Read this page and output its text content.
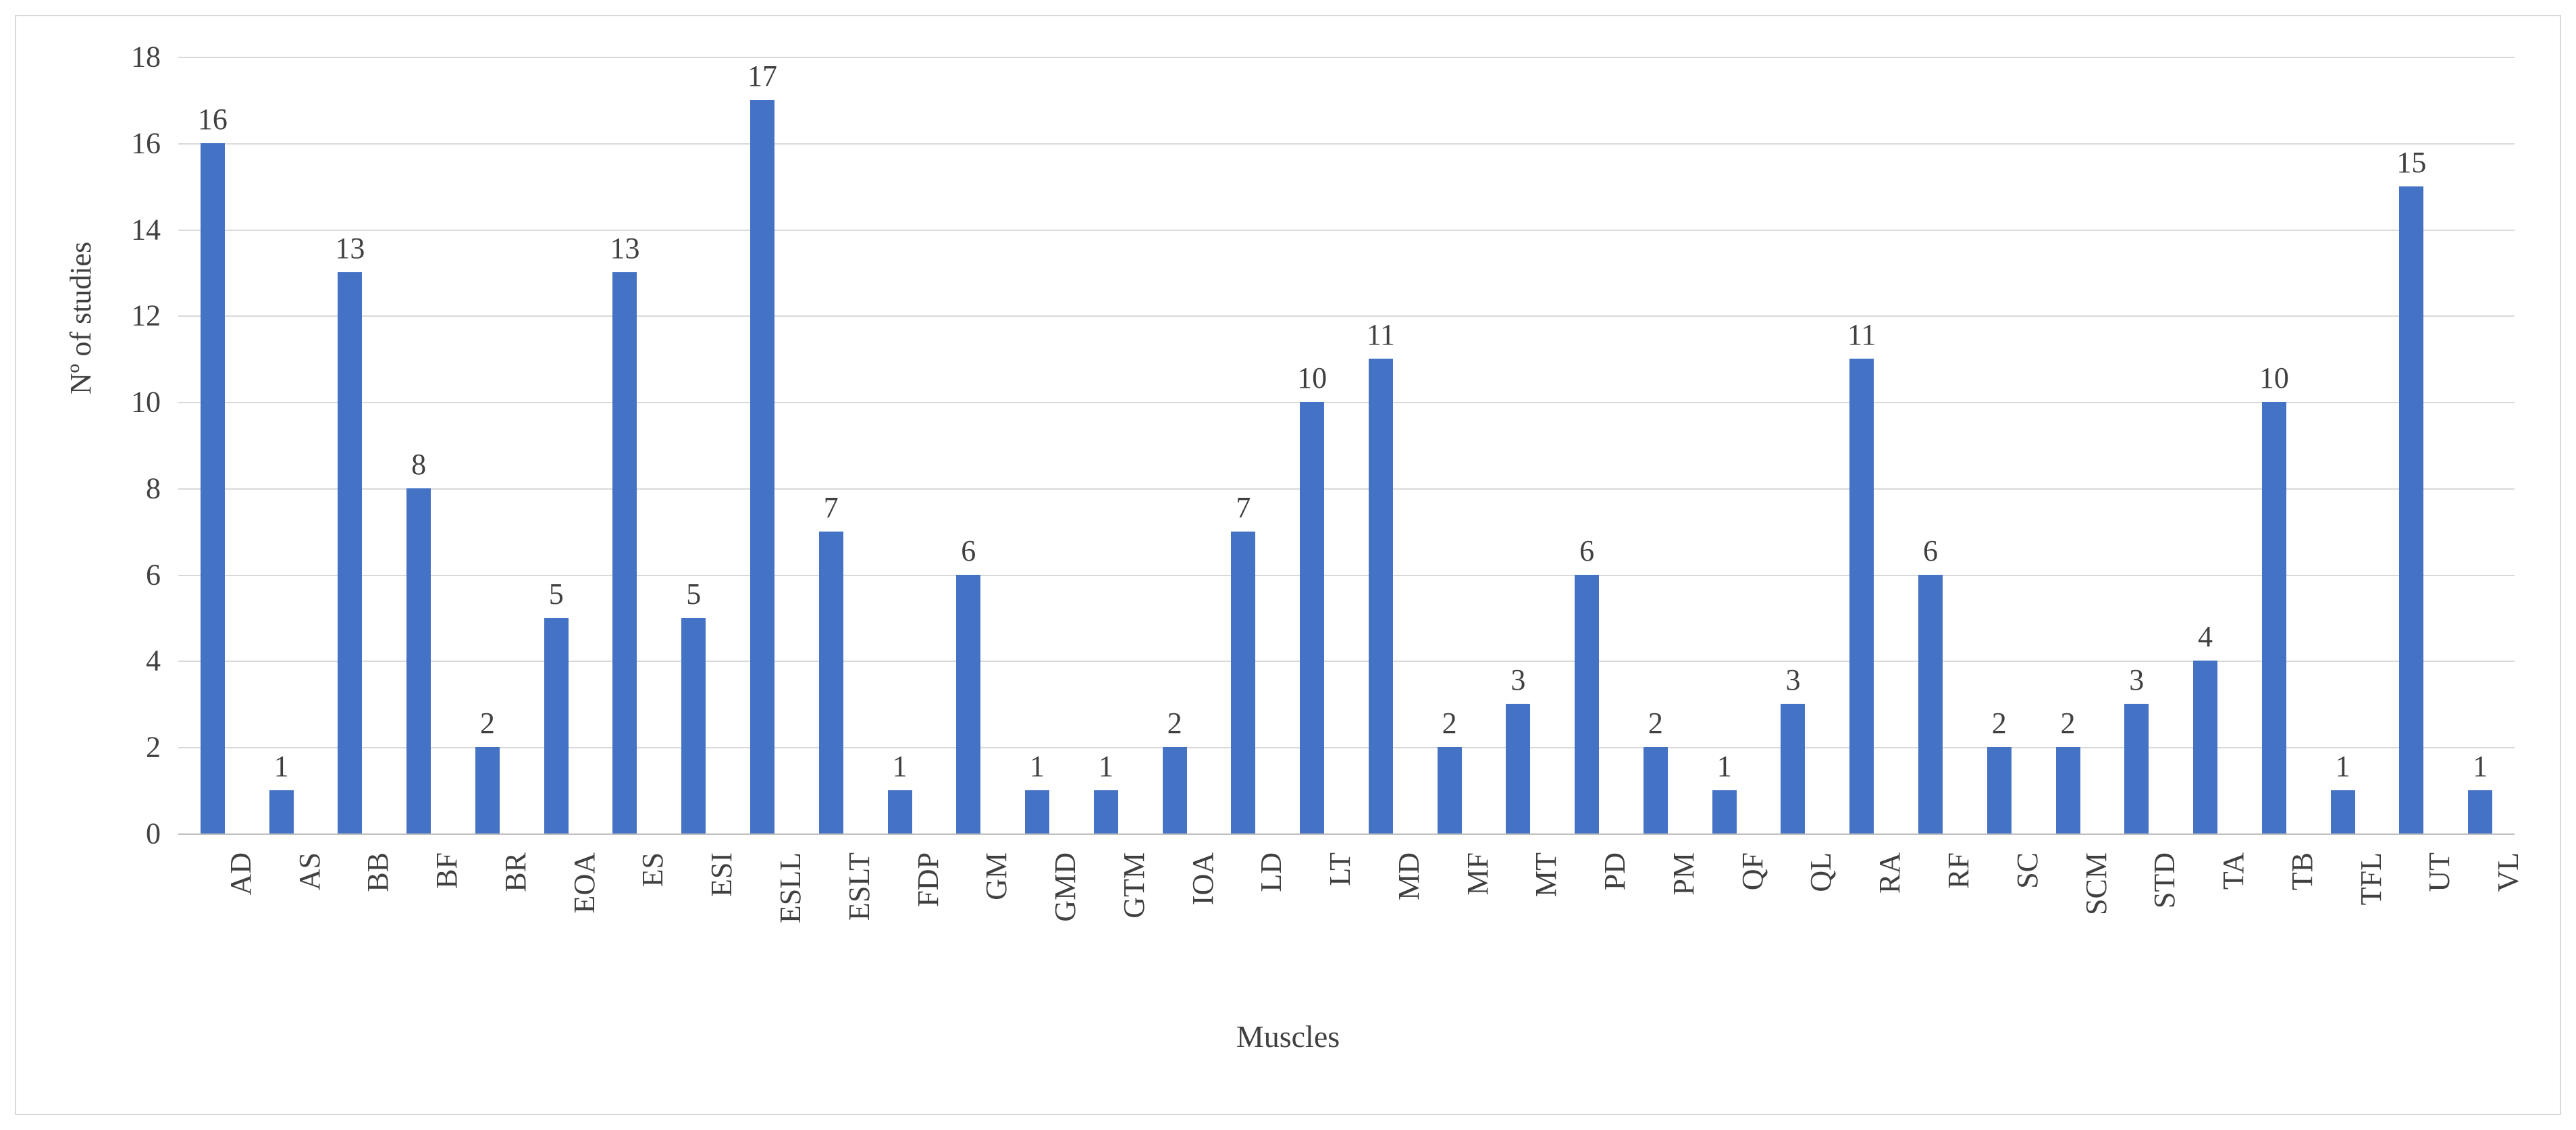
Nº of studies
Muscles
0
2
4
6
8
10
12
14
16
18
16
AD
1
AS
13
BB
8
BF
2
BR
5
EOA
13
ES
5
ESI
17
ESLL
7
ESLT
1
FDP
6
GM
1
GMD
1
GTM
2
IOA
7
LD
10
LT
11
MD
2
MF
3
MT
6
PD
2
PM
1
QF
3
QL
11
RA
6
RF
2
SC
2
SCM
3
STD
4
TA
10
TB
1
TFL
15
UT
1
VL
